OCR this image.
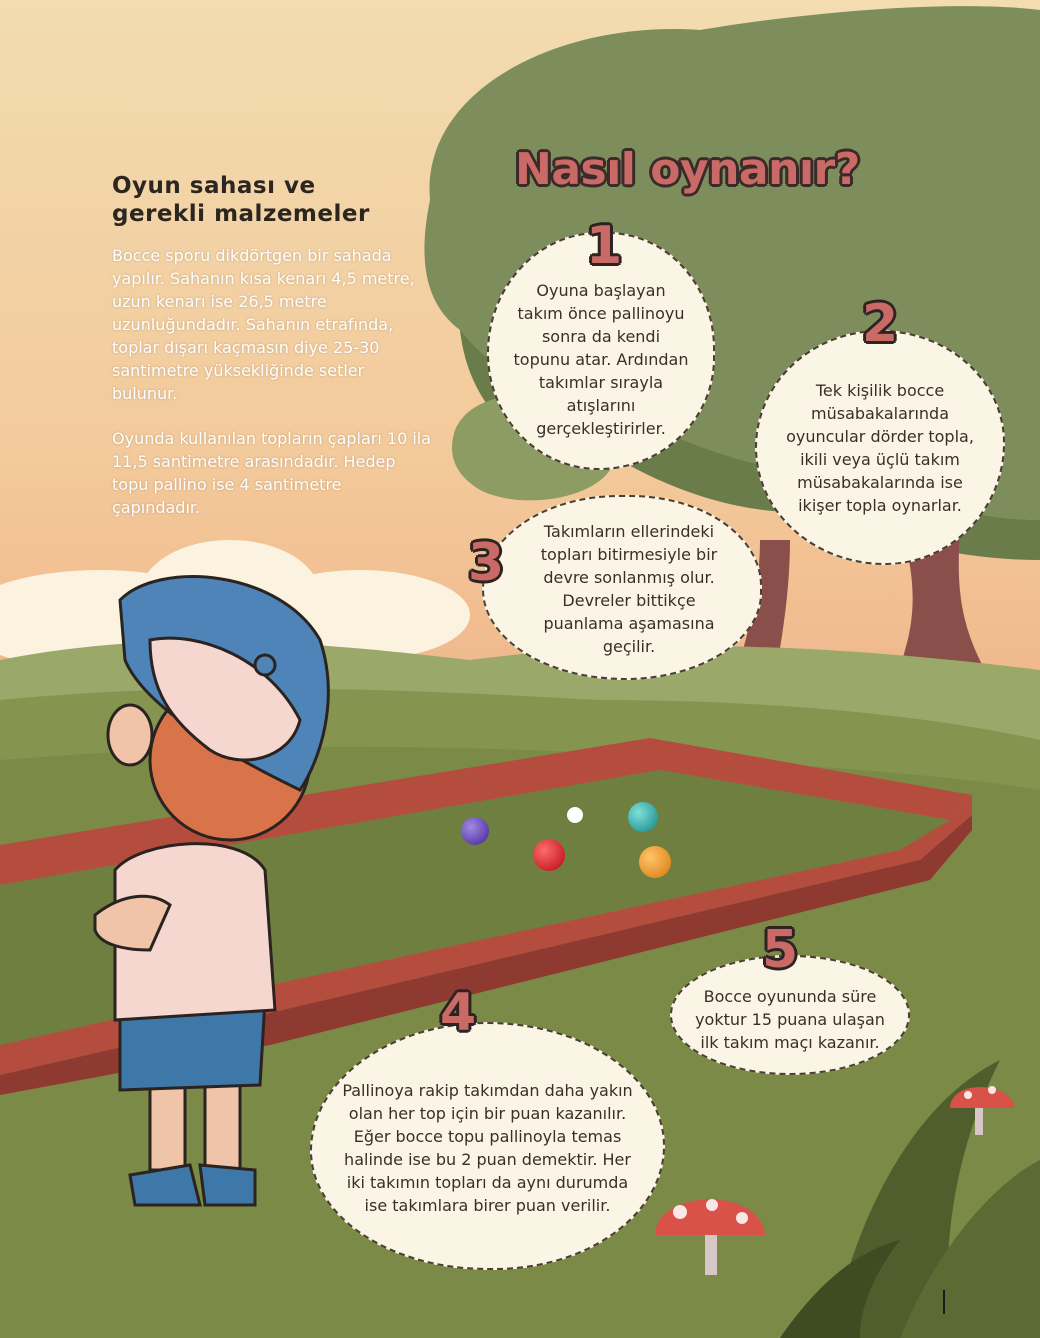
Oyun sahası ve
gerekli malzemeler

Bocce sporu dikdörtgen bir sahada yapılır. Sahanın kısa kenarı 4,5 metre, uzun kenarı ise 26,5 metre uzunluğundadır. Sahanın etrafında, toplar dışarı kaçmasın diye 25-30 santimetre yüksekliğinde setler bulunur.

Oyunda kullanılan topların çapları 10 ila 11,5 santimetre arasındadır. Hedep topu pallino ise 4 santimetre çapındadır.

Nasıl oynanır?
Oyuna başlayan takım önce pallinoyu sonra da kendi topunu atar. Ardından takımlar sırayla atışlarını gerçekleştirirler.
1
Tek kişilik bocce müsabakalarında oyuncular dörder topla, ikili veya üçlü takım müsabakalarında ise ikişer topla oynarlar.
2
Takımların ellerindeki topları bitirmesiyle bir devre sonlanmış olur. Devreler bittikçe puanlama aşamasına geçilir.
3
Pallinoya rakip takımdan daha yakın olan her top için bir puan kazanılır. Eğer bocce topu pallinoyla temas halinde ise bu 2 puan demektir. Her iki takımın topları da aynı durumda ise takımlara birer puan verilir.
4	Bocce oyununda süre yoktur 15 puana ulaşan ilk takım maçı kazanır.
5
